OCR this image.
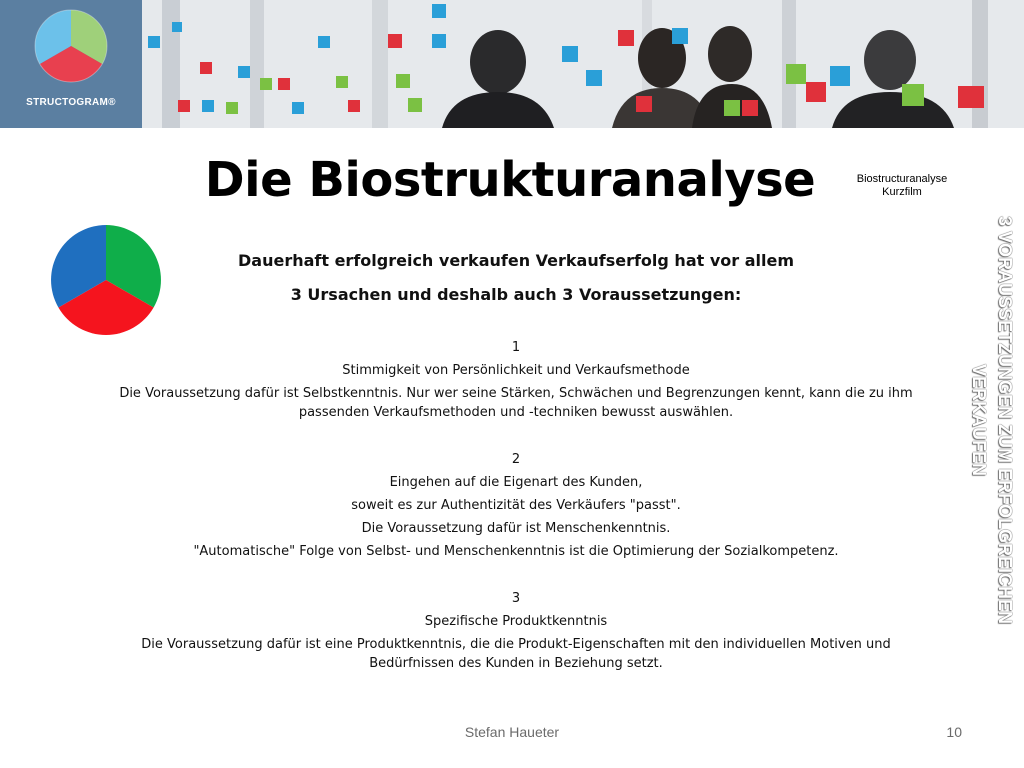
STRUCTOGRAM®
Die Biostrukturanalyse	Biostructuranalyse Kurzfilm
3 VORAUSSETZUNGEN ZUM ERFOLGREICHEN VERKAUFEN
Dauerhaft erfolgreich verkaufen Verkaufserfolg hat vor allem
3 Ursachen und deshalb auch 3 Voraussetzungen:
1
Stimmigkeit von Persönlichkeit und Verkaufsmethode
Die Voraussetzung dafür ist Selbstkenntnis. Nur wer seine Stärken, Schwächen und Begrenzungen kennt, kann die zu ihm passenden Verkaufsmethoden und -techniken bewusst auswählen.
2
Eingehen auf die Eigenart des Kunden,
soweit es zur Authentizität des Verkäufers "passt".
Die Voraussetzung dafür ist Menschenkenntnis.
"Automatische" Folge von Selbst- und Menschenkenntnis ist die Optimierung der Sozialkompetenz.
3
Spezifische Produktkenntnis
Die Voraussetzung dafür ist eine Produktkenntnis, die die Produkt-Eigenschaften mit den individuellen Motiven und Bedürfnissen des Kunden in Beziehung setzt.
Stefan Haueter	10
